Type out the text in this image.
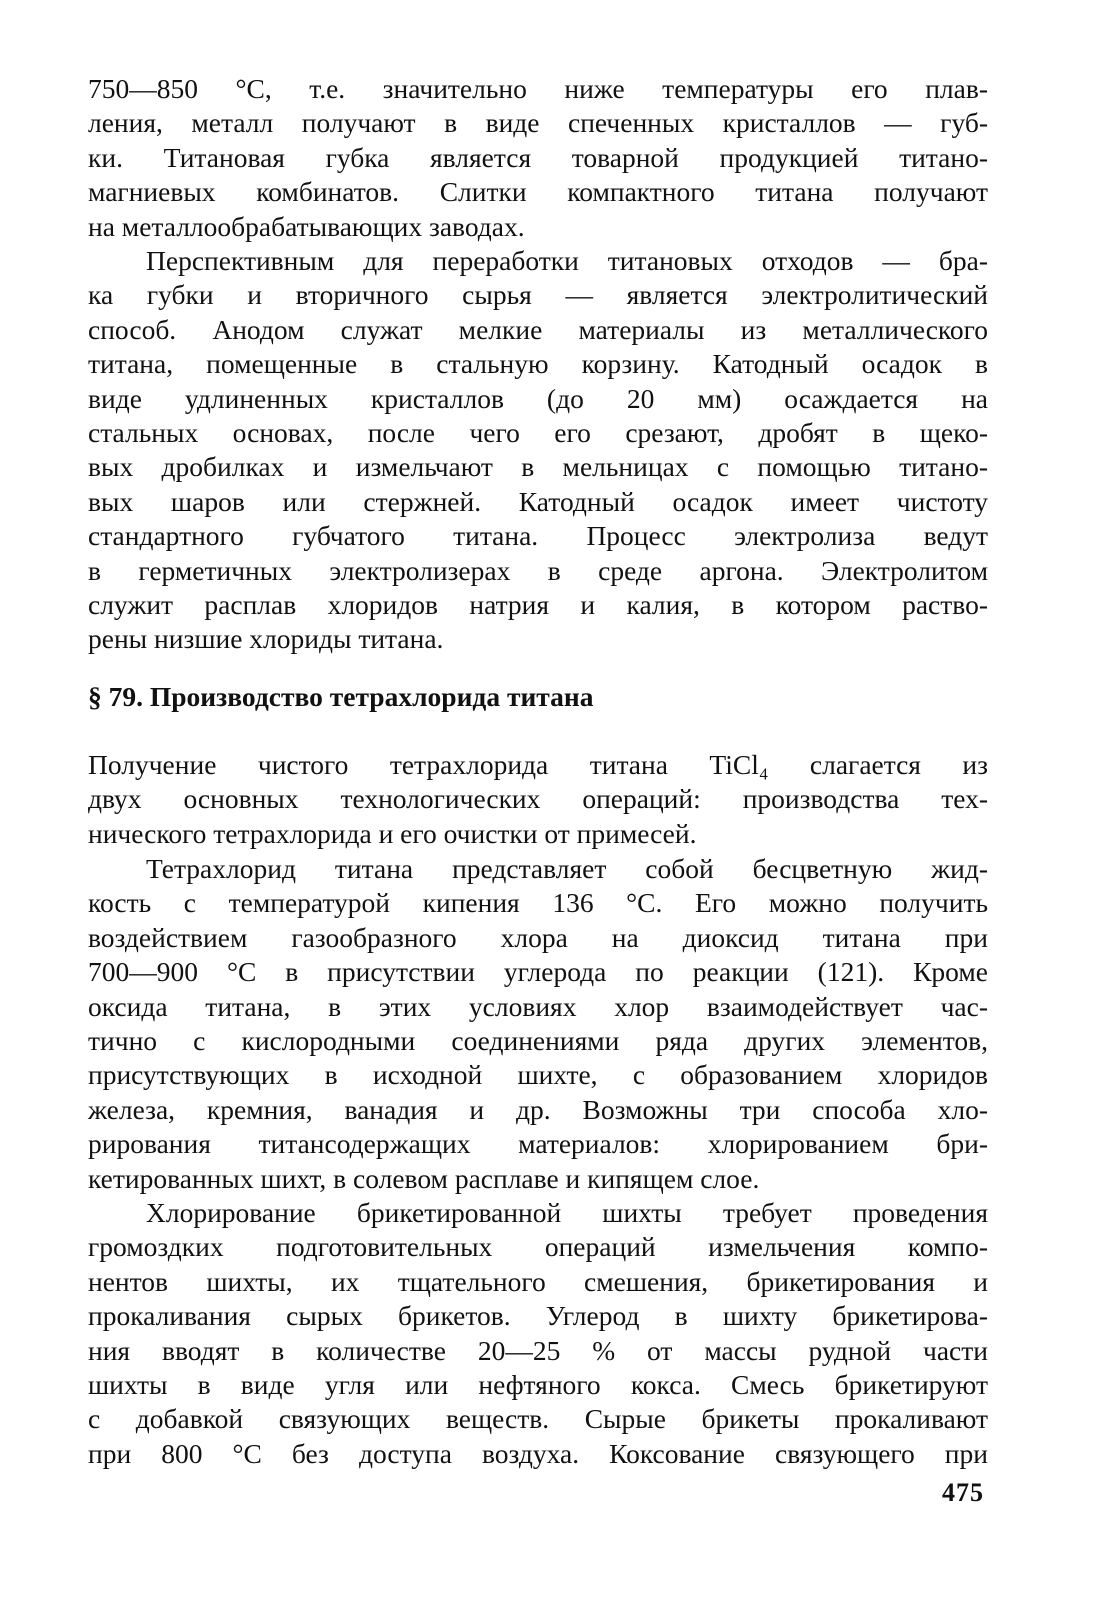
750—850 °С, т.е. значительно ниже температуры его плав-
ления, металл получают в виде спеченных кристаллов — губ-
ки. Титановая губка является товарной продукцией титано-
магниевых комбинатов. Слитки компактного титана получают
на металлообрабатывающих заводах.
Перспективным для переработки титановых отходов — бра-
ка губки и вторичного сырья — является электролитический
способ. Анодом служат мелкие материалы из металлического
титана, помещенные в стальную корзину. Катодный осадок в
виде удлиненных кристаллов (до 20 мм) осаждается на
стальных основах, после чего его срезают, дробят в щеко-
вых дробилках и измельчают в мельницах с помощью титано-
вых шаров или стержней. Катодный осадок имеет чистоту
стандартного губчатого титана. Процесс электролиза ведут
в герметичных электролизерах в среде аргона. Электролитом
служит расплав хлоридов натрия и калия, в котором раство-
рены низшие хлориды титана.
§ 79. Производство тетрахлорида титана
Получение чистого тетрахлорида титана TiCl₄ слагается из
двух основных технологических операций: производства тех-
нического тетрахлорида и его очистки от примесей.
Тетрахлорид титана представляет собой бесцветную жид-
кость с температурой кипения 136 °С. Его можно получить
воздействием газообразного хлора на диоксид титана при
700—900 °С в присутствии углерода по реакции (121). Кроме
оксида титана, в этих условиях хлор взаимодействует час-
тично с кислородными соединениями ряда других элементов,
присутствующих в исходной шихте, с образованием хлоридов
железа, кремния, ванадия и др. Возможны три способа хло-
рирования титансодержащих материалов: хлорированием бри-
кетированных шихт, в солевом расплаве и кипящем слое.
Хлорирование брикетированной шихты требует проведения
громоздких подготовительных операций измельчения компо-
нентов шихты, их тщательного смешения, брикетирования и
прокаливания сырых брикетов. Углерод в шихту брикетирова-
ния вводят в количестве 20—25 % от массы рудной части
шихты в виде угля или нефтяного кокса. Смесь брикетируют
с добавкой связующих веществ. Сырые брикеты прокаливают
при 800 °С без доступа воздуха. Коксование связующего при
475
